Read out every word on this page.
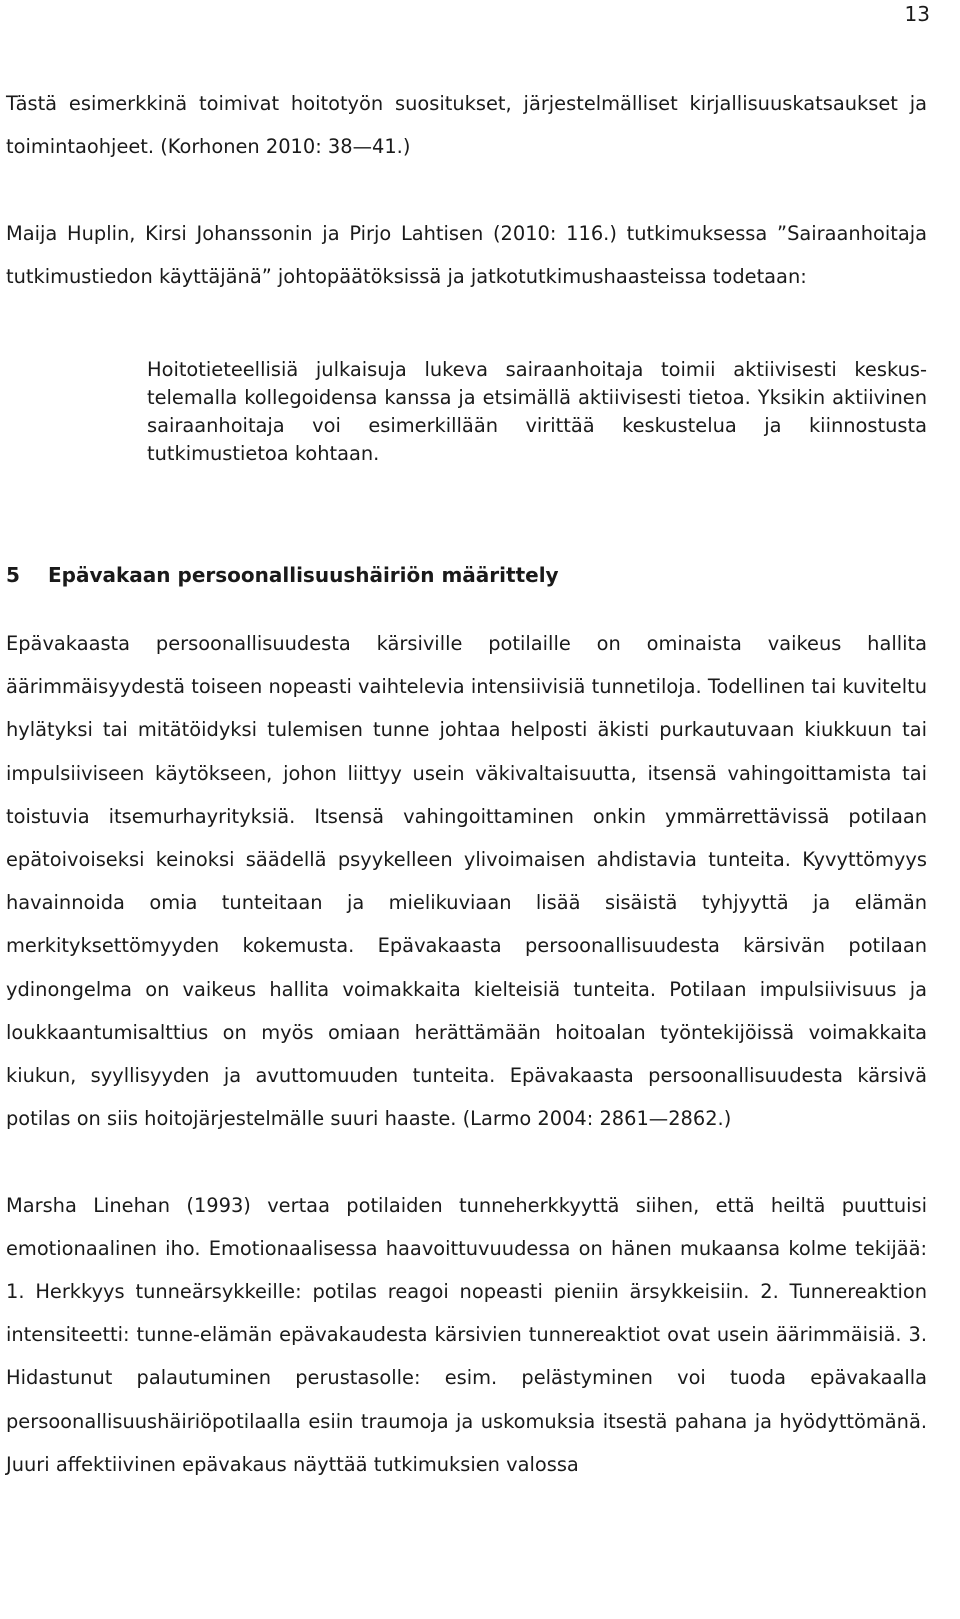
13

Tästä esimerkkinä toimivat hoitotyön suositukset, järjestelmälliset kirjallisuuskatsaukset ja toimintaohjeet. (Korhonen 2010: 38—41.)

Maija Huplin, Kirsi Johanssonin ja Pirjo Lahtisen (2010: 116.) tutkimuksessa ”Sairaanhoitaja tutkimustiedon käyttäjänä” johtopäätöksissä ja jatkotutkimushaasteissa todetaan:

Hoitotieteellisiä julkaisuja lukeva sairaanhoitaja toimii aktiivisesti keskustelemalla kollegoidensa kanssa ja etsimällä aktiivisesti tietoa. Yksikin aktiivinen sairaanhoitaja voi esimerkillään virittää keskustelua ja kiinnostusta tutkimustietoa kohtaan.

5 Epävakaan persoonallisuushäiriön määrittely

Epävakaasta persoonallisuudesta kärsiville potilaille on ominaista vaikeus hallita äärimmäisyydestä toiseen nopeasti vaihtelevia intensiivisiä tunnetiloja. Todellinen tai kuviteltu hylätyksi tai mitätöidyksi tulemisen tunne johtaa helposti äkisti purkautuvaan kiukkuun tai impulsiiviseen käytökseen, johon liittyy usein väkivaltaisuutta, itsensä vahingoittamista tai toistuvia itsemurhayrityksiä. Itsensä vahingoittaminen onkin ymmärrettävissä potilaan epätoivoiseksi keinoksi säädellä psyykelleen ylivoimaisen ahdistavia tunteita. Kyvyttömyys havainnoida omia tunteitaan ja mielikuviaan lisää sisäistä tyhjyyttä ja elämän merkityksettömyyden kokemusta. Epävakaasta persoonallisuudesta kärsivän potilaan ydinongelma on vaikeus hallita voimakkaita kielteisiä tunteita. Potilaan impulsiivisuus ja loukkaantumisalttius on myös omiaan herättämään hoitoalan työntekijöissä voimakkaita kiukun, syyllisyyden ja avuttomuuden tunteita. Epävakaasta persoonallisuudesta kärsivä potilas on siis hoitojärjestelmälle suuri haaste. (Larmo 2004: 2861—2862.)

Marsha Linehan (1993) vertaa potilaiden tunneherkkyyttä siihen, että heiltä puuttuisi emotionaalinen iho. Emotionaalisessa haavoittuvuudessa on hänen mukaansa kolme tekijää: 1. Herkkyys tunneärsykkeille: potilas reagoi nopeasti pieniin ärsykkeisiin. 2. Tunnereaktion intensiteetti: tunne-elämän epävakaudesta kärsivien tunnereaktiot ovat usein äärimmäisiä. 3. Hidastunut palautuminen perustasolle: esim. pelästyminen voi tuoda epävakaalla persoonallisuushäiriöpotilaalla esiin traumoja ja uskomuksia itsestä pahana ja hyödyttömänä. Juuri affektiivinen epävakaus näyttää tutkimuksien valossa
